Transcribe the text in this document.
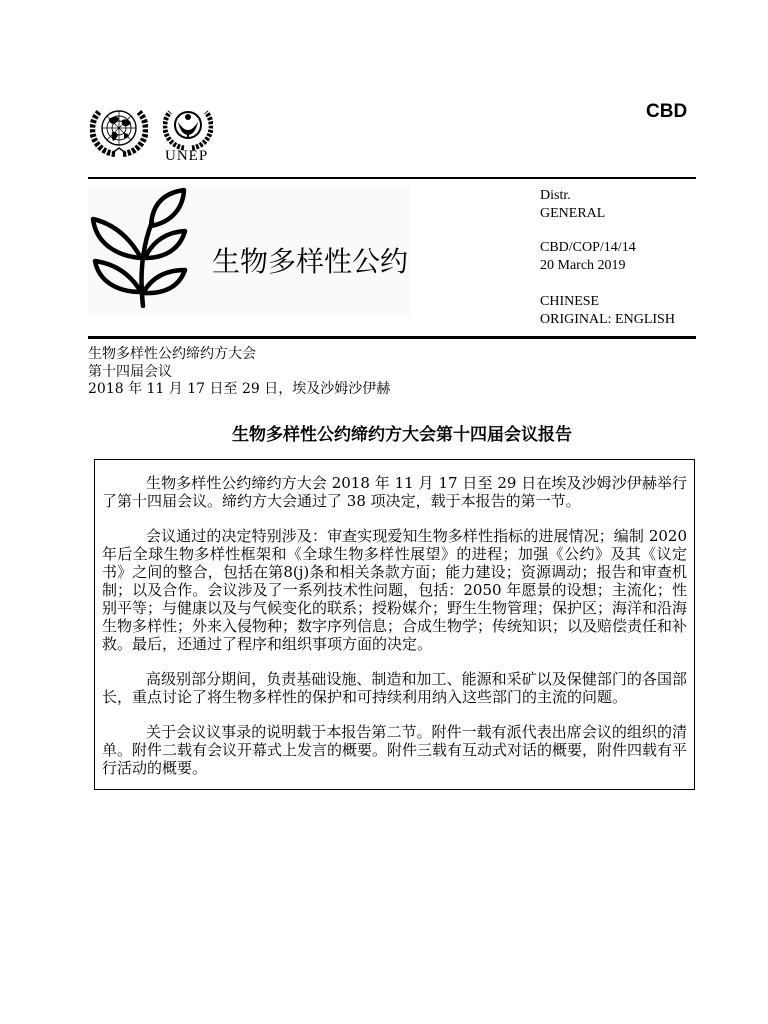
UNEP
CBD
生物多样性公约
Distr.
GENERAL
CBD/COP/14/14
20 March 2019
CHINESE
ORIGINAL: ENGLISH
生物多样性公约缔约方大会
第十四届会议
2018 年 11 月 17 日至 29 日，埃及沙姆沙伊赫
生物多样性公约缔约方大会第十四届会议报告

生物多样性公约缔约方大会 2018 年 11 月 17 日至 29 日在埃及沙姆沙伊赫举行了第十四届会议。缔约方大会通过了 38 项决定，载于本报告的第一节。

会议通过的决定特别涉及：审查实现爱知生物多样性指标的进展情况；编制 2020 年后全球生物多样性框架和《全球生物多样性展望》的进程；加强《公约》及其《议定书》之间的整合，包括在第8(j)条和相关条款方面；能力建设；资源调动；报告和审查机制；以及合作。会议涉及了一系列技术性问题，包括：2050 年愿景的设想；主流化；性别平等；与健康以及与气候变化的联系；授粉媒介；野生生物管理；保护区；海洋和沿海生物多样性；外来入侵物种；数字序列信息；合成生物学；传统知识；以及赔偿责任和补救。最后，还通过了程序和组织事项方面的决定。

高级别部分期间，负责基础设施、制造和加工、能源和采矿以及保健部门的各国部长，重点讨论了将生物多样性的保护和可持续利用纳入这些部门的主流的问题。

关于会议议事录的说明载于本报告第二节。附件一载有派代表出席会议的组织的清单。附件二载有会议开幕式上发言的概要。附件三载有互动式对话的概要，附件四载有平行活动的概要。
